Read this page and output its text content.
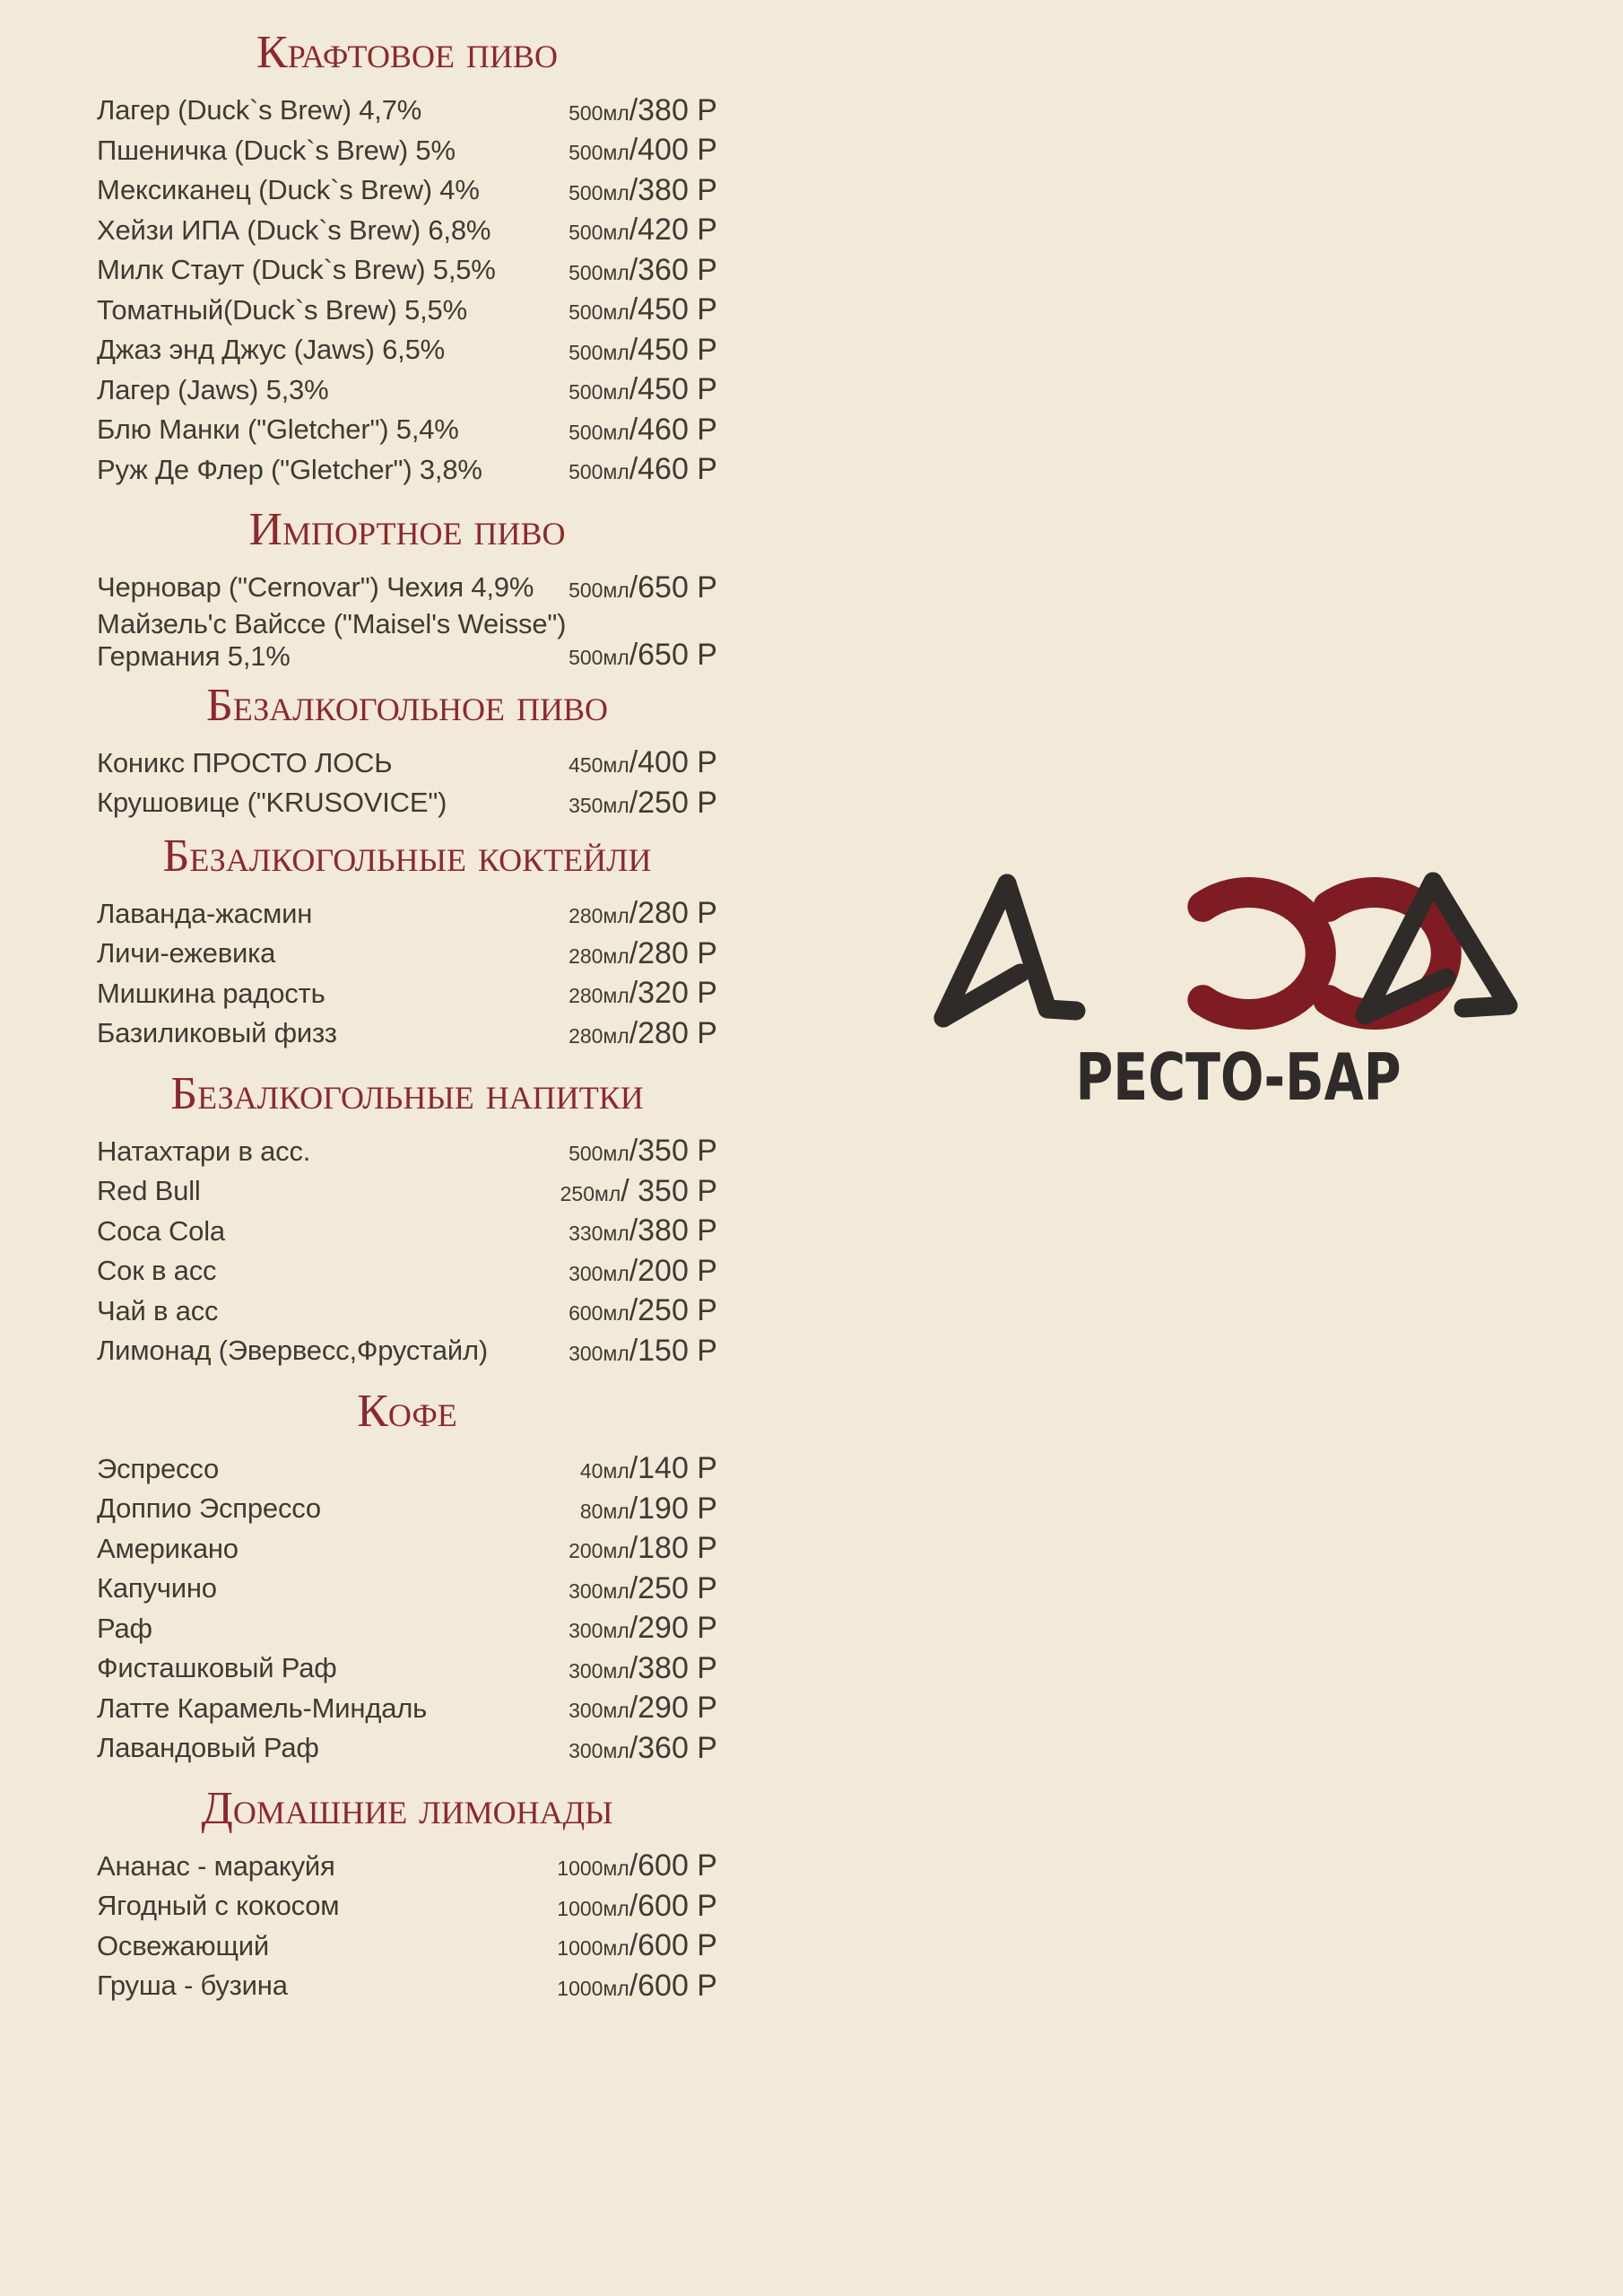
Крафтовое пиво
Лагер (Duck`s Brew) 4,7%	500мл /380 Р
Пшеничка (Duck`s Brew) 5%	500мл /400 Р
Мексиканец (Duck`s Brew) 4%	500мл /380 Р
Хейзи ИПА (Duck`s Brew) 6,8%	500мл /420 Р
Милк Стаут (Duck`s Brew) 5,5%	500мл /360 Р
Томатный(Duck`s Brew) 5,5%	500мл /450 Р
Джаз энд Джус (Jaws) 6,5%	500мл /450 Р
Лагер (Jaws) 5,3%	500мл /450 Р
Блю Манки ("Gletcher") 5,4%	500мл /460 Р
Руж Де Флер ("Gletcher") 3,8%	500мл /460 Р
Импортное пиво
Черновар ("Cernovar") Чехия 4,9% 500мл /650 Р
Майзель'с Вайссе ("Maisel's Weisse")
Германия 5,1%	500мл /650 Р
Безалкогольное пиво
Коникс ПРОСТО ЛОСЬ	450мл /400 Р
Крушовице ("KRUSOVICE")	350мл /250 Р
Безалкогольные коктейли
Лаванда-жасмин	280мл /280 Р
Личи-ежевика	280мл /280 Р
Мишкина радость	280мл /320 Р
Базиликовый физз	280мл /280 Р
Безалкогольные напитки
Натахтари в асс.	500мл /350 Р
Red Bull	250мл / 350 Р
Coca Cola	330мл /380 Р
Сок в асс	300мл /200 Р
Чай в асс	600мл /250 Р
Лимонад (Эвервесс,Фрустайл)	300мл /150 Р
Кофе
Эспрессо	40мл /140 Р
Доппио Эспрессо	80мл /190 Р
Американо	200мл /180 Р
Капучино	300мл /250 Р
Раф	300мл /290 Р
Фисташковый Раф	300мл /380 Р
Латте Карамель-Миндаль	300мл /290 Р
Лавандовый Раф	300мл /360 Р
Домашние лимонады
Ананас - маракуйя	1000мл /600 Р
Ягодный с кокосом	1000мл /600 Р
Освежающий	1000мл /600 Р
Груша - бузина	1000мл /600 Р
РЕСТО-БАР
